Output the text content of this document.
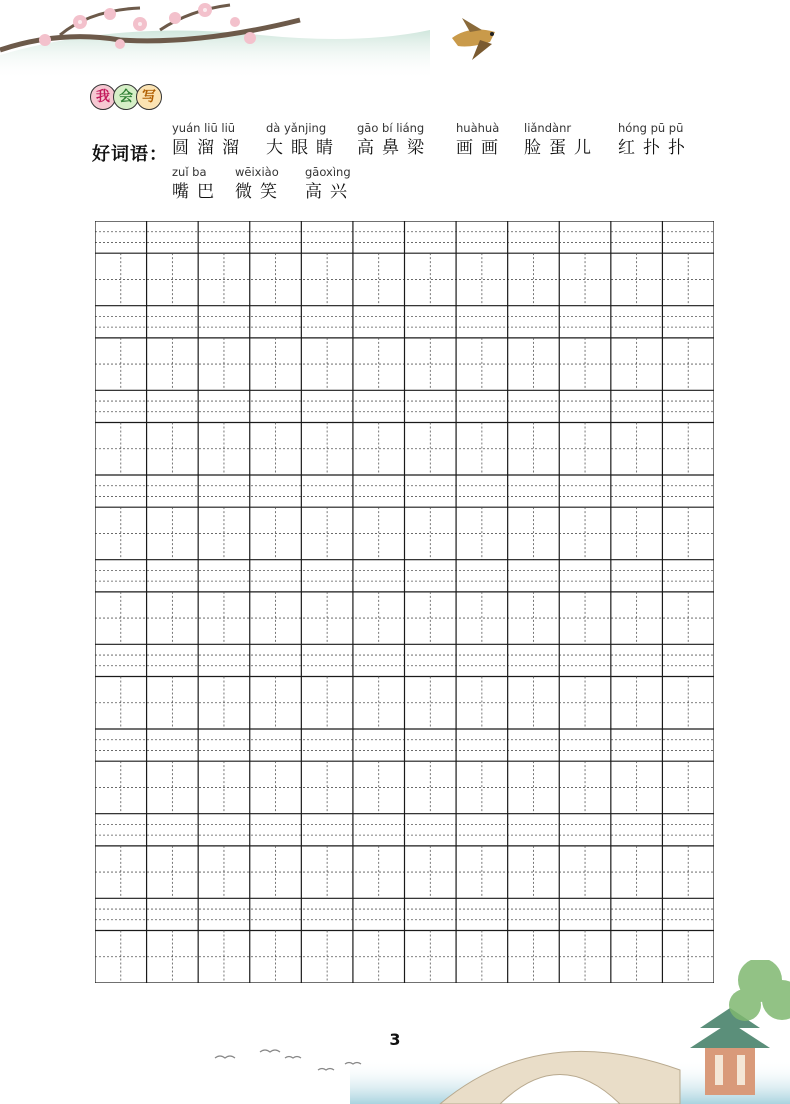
我 会 写
好词语：
yuán liū liū
圆溜溜
dà yǎnjing
大眼睛
gāo bí liáng
高鼻梁
huàhuà
画画
liǎndànr
脸蛋儿
hóng pū pū
红扑扑
zuǐ ba
嘴巴
wēixiào
微笑
gāoxìng
高兴
3
